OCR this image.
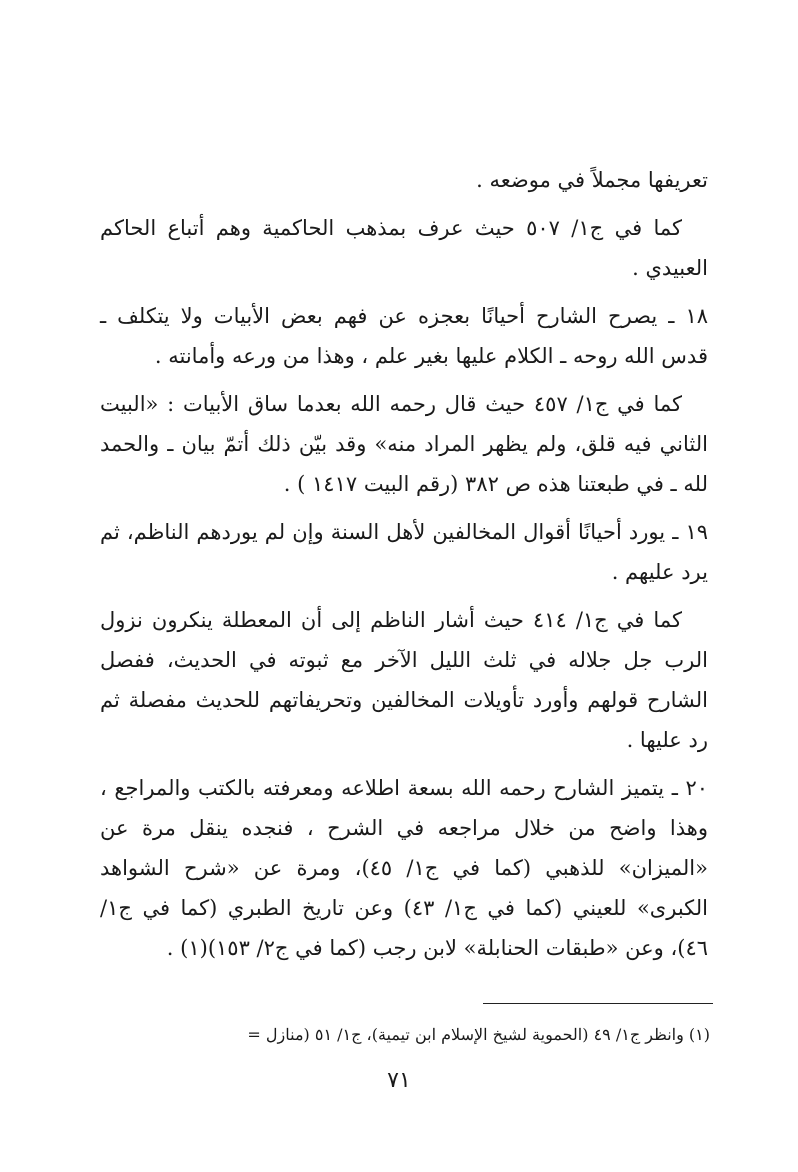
تعريفها مجملاً في موضعه .

كما في ج١/ ٥٠٧ حيث عرف بمذهب الحاكمية وهم أتباع الحاكم العبيدي .

١٨ ـ يصرح الشارح أحيانًا بعجزه عن فهم بعض الأبيات ولا يتكلف ـ قدس الله روحه ـ الكلام عليها بغير علم ، وهذا من ورعه وأمانته .

كما في ج١/ ٤٥٧ حيث قال رحمه الله بعدما ساق الأبيات : «البيت الثاني فيه قلق، ولم يظهر المراد منه» وقد بيّن ذلك أتمّ بيان ـ والحمد لله ـ في طبعتنا هذه ص ٣٨٢ (رقم البيت ١٤١٧ ) .

١٩ ـ يورد أحيانًا أقوال المخالفين لأهل السنة وإن لم يوردهم الناظم، ثم يرد عليهم .

كما في ج١/ ٤١٤ حيث أشار الناظم إلى أن المعطلة ينكرون نزول الرب جل جلاله في ثلث الليل الآخر مع ثبوته في الحديث، ففصل الشارح قولهم وأورد تأويلات المخالفين وتحريفاتهم للحديث مفصلة ثم رد عليها .

٢٠ ـ يتميز الشارح رحمه الله بسعة اطلاعه ومعرفته بالكتب والمراجع ، وهذا واضح من خلال مراجعه في الشرح ، فنجده ينقل مرة عن «الميزان» للذهبي (كما في ج١/ ٤٥)، ومرة عن «شرح الشواهد الكبرى» للعيني (كما في ج١/ ٤٣) وعن تاريخ الطبري (كما في ج١/ ٤٦)، وعن «طبقات الحنابلة» لابن رجب (كما في ج٢/ ١٥٣)(١) .

(١) وانظر ج١/ ٤٩ (الحموية لشيخ الإسلام ابن تيمية)، ج١/ ٥١ (منازل =
٧١
